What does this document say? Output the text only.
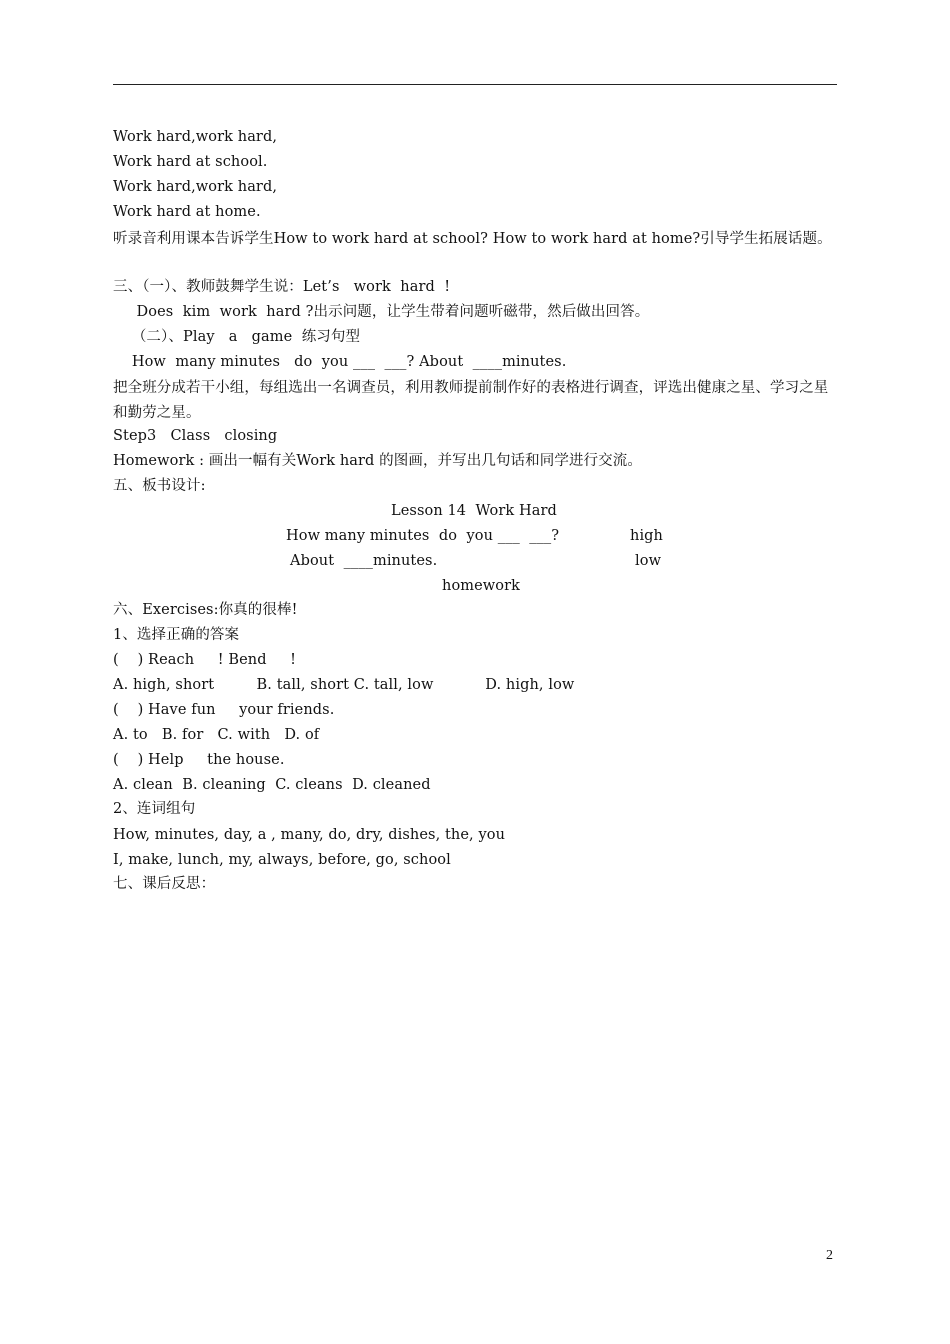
Work hard,work hard,
Work hard at school.
Work hard,work hard,
Work hard at home.
听录音利用课本告诉学生How to work hard at school? How to work hard at home?引导学生拓展话题。
三、（一）、教师鼓舞学生说：Let’s   work  hard  !
Does  kim  work  hard ?出示问题，让学生带着问题听磁带，然后做出回答。
（二）、Play   a   game  练习句型
How  many minutes   do  you ___  ___? About  ____minutes.
把全班分成若干小组，每组选出一名调查员，利用教师提前制作好的表格进行调查，评选出健康之星、学习之星和勤劳之星。
Step3   Class   closing
Homework : 画出一幅有关Work hard 的图画，并写出几句话和同学进行交流。
五、板书设计:
Lesson 14  Work Hard
How many minutes  do  you ___  ___?	high
About  ____minutes.	low
homework
六、Exercises:你真的很棒!
1、选择正确的答案
(    ) Reach     ! Bend     !
A. high, short         B. tall, short C. tall, low           D. high, low
(    ) Have fun     your friends.
A. to   B. for   C. with   D. of
(    ) Help     the house.
A. clean  B. cleaning  C. cleans  D. cleaned
2、连词组句
How, minutes, day, a , many, do, dry, dishes, the, you
I, make, lunch, my, always, before, go, school
七、课后反思：
2
